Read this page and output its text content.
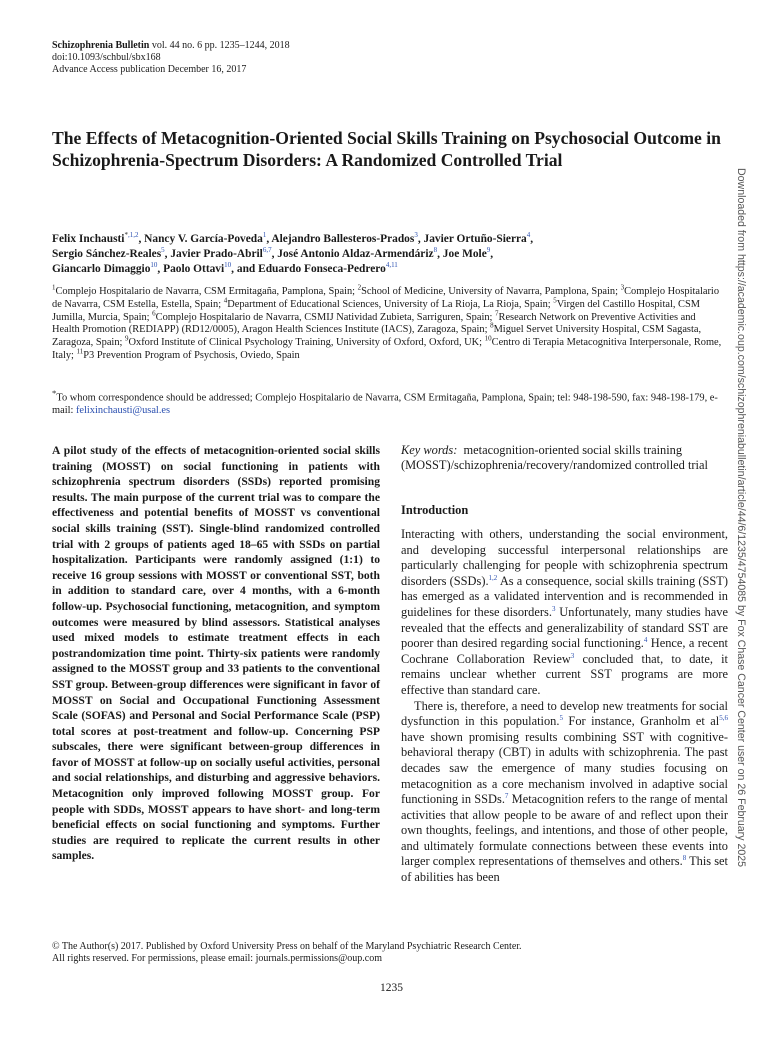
Schizophrenia Bulletin vol. 44 no. 6 pp. 1235–1244, 2018
doi:10.1093/schbul/sbx168
Advance Access publication December 16, 2017
The Effects of Metacognition-Oriented Social Skills Training on Psychosocial Outcome in Schizophrenia-Spectrum Disorders: A Randomized Controlled Trial
Felix Inchausti$^{*,1,2}$, Nancy V. García-Poveda$^1$, Alejandro Ballesteros-Prados$^3$, Javier Ortuño-Sierra$^4$,
Sergio Sánchez-Reales$^5$, Javier Prado-Abril$^{6,7}$, José Antonio Aldaz-Armendáriz$^8$, Joe Mole$^9$,
Giancarlo Dimaggio$^{10}$, Paolo Ottavi$^{10}$, and Eduardo Fonseca-Pedrero$^{4,11}$
$^1$Complejo Hospitalario de Navarra, CSM Ermitagaña, Pamplona, Spain; $^2$School of Medicine, University of Navarra, Pamplona, Spain; $^3$Complejo Hospitalario de Navarra, CSM Estella, Estella, Spain; $^4$Department of Educational Sciences, University of La Rioja, La Rioja, Spain; $^5$Virgen del Castillo Hospital, CSM Jumilla, Murcia, Spain; $^6$Complejo Hospitalario de Navarra, CSMIJ Natividad Zubieta, Sarriguren, Spain; $^7$Research Network on Preventive Activities and Health Promotion (REDIAPP) (RD12/0005), Aragon Health Sciences Institute (IACS), Zaragoza, Spain; $^8$Miguel Servet University Hospital, CSM Sagasta, Zaragoza, Spain; $^9$Oxford Institute of Clinical Psychology Training, University of Oxford, Oxford, UK; $^{10}$Centro di Terapia Metacognitiva Interpersonale, Rome, Italy; $^{11}$P3 Prevention Program of Psychosis, Oviedo, Spain
*To whom correspondence should be addressed; Complejo Hospitalario de Navarra, CSM Ermitagaña, Pamplona, Spain; tel: 948-198-590, fax: 948-198-179, e-mail: felixinchausti@usal.es
A pilot study of the effects of metacognition-oriented social skills training (MOSST) on social functioning in patients with schizophrenia spectrum disorders (SSDs) reported promising results. The main purpose of the current trial was to compare the effectiveness and potential benefits of MOSST vs conventional social skills training (SST). Single-blind randomized controlled trial with 2 groups of patients aged 18–65 with SSDs on partial hospitalization. Participants were randomly assigned (1:1) to receive 16 group sessions with MOSST or conventional SST, both in addition to standard care, over 4 months, with a 6-month follow-up. Psychosocial functioning, metacognition, and symptom outcomes were measured by blind assessors. Statistical analyses used mixed models to estimate treatment effects in each postrandomization time point. Thirty-six patients were randomly assigned to the MOSST group and 33 patients to the conventional SST group. Between-group differences were significant in favor of MOSST on Social and Occupational Functioning Assessment Scale (SOFAS) and Personal and Social Performance Scale (PSP) total scores at post-treatment and follow-up. Concerning PSP subscales, there were significant between-group differences in favor of MOSST at follow-up on socially useful activities, personal and social relationships, and disturbing and aggressive behaviors. Metacognition only improved following MOSST group. For people with SDDs, MOSST appears to have short- and long-term beneficial effects on social functioning and symptoms. Further studies are required to replicate the current results in other samples.
Key words: metacognition-oriented social skills training (MOSST)/schizophrenia/recovery/randomized controlled trial
Introduction

Interacting with others, understanding the social environment, and developing successful interpersonal relationships are particularly challenging for people with schizophrenia spectrum disorders (SSDs).$^{1,2}$ As a consequence, social skills training (SST) has emerged as a validated intervention and is recommended in guidelines for these disorders.$^3$ Unfortunately, many studies have revealed that the effects and generalizability of standard SST are poorer than desired regarding social functioning.$^4$ Hence, a recent Cochrane Collaboration Review$^3$ concluded that, to date, it remains unclear whether current SST programs are more effective than standard care.

There is, therefore, a need to develop new treatments for social dysfunction in this population.$^5$ For instance, Granholm et al$^{5,6}$ have shown promising results combining SST with cognitive-behavioral therapy (CBT) in adults with schizophrenia. The past decades saw the emergence of many studies focusing on metacognition as a core mechanism involved in adaptive social functioning in SSDs.$^7$ Metacognition refers to the range of mental activities that allow people to be aware of and reflect upon their own thoughts, feelings, and intentions, and those of other people, and ultimately formulate connections between these events into larger complex representations of themselves and others.$^8$ This set of abilities has been

Downloaded from https://academic.oup.com/schizophreniabulletin/article/44/6/1235/4754085 by Fox Chase Cancer Center user on 26 February 2025
© The Author(s) 2017. Published by Oxford University Press on behalf of the Maryland Psychiatric Research Center.
All rights reserved. For permissions, please email: journals.permissions@oup.com
1235
